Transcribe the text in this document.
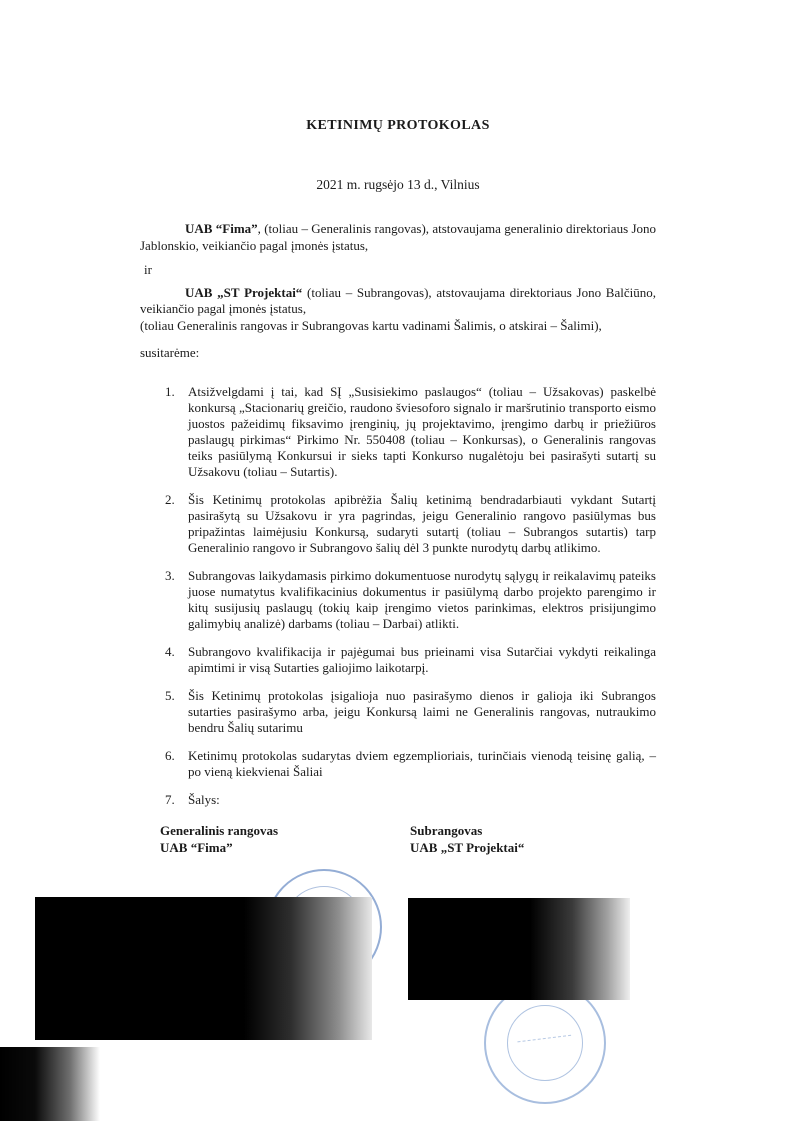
KETINIMŲ PROTOKOLAS

2021 m. rugsėjo 13 d., Vilnius

UAB “Fima”, (toliau – Generalinis rangovas), atstovaujama generalinio direktoriaus Jono Jablonskio, veikiančio pagal įmonės įstatus,

ir

UAB „ST Projektai“ (toliau – Subrangovas), atstovaujama direktoriaus Jono Balčiūno, veikiančio pagal įmonės įstatus,

(toliau Generalinis rangovas ir Subrangovas kartu vadinami Šalimis, o atskirai – Šalimi),

susitarėme:

1. Atsižvelgdami į tai, kad SĮ „Susisiekimo paslaugos“ (toliau – Užsakovas) paskelbė konkursą „Stacionarių greičio, raudono šviesoforo signalo ir maršrutinio transporto eismo juostos pažeidimų fiksavimo įrenginių, jų projektavimo, įrengimo darbų ir priežiūros paslaugų pirkimas“ Pirkimo Nr. 550408 (toliau – Konkursas), o Generalinis rangovas teiks pasiūlymą Konkursui ir sieks tapti Konkurso nugalėtoju bei pasirašyti sutartį su Užsakovu (toliau – Sutartis).
2. Šis Ketinimų protokolas apibrėžia Šalių ketinimą bendradarbiauti vykdant Sutartį pasirašytą su Užsakovu ir yra pagrindas, jeigu Generalinio rangovo pasiūlymas bus pripažintas laimėjusiu Konkursą, sudaryti sutartį (toliau – Subrangos sutartis) tarp Generalinio rangovo ir Subrangovo šalių dėl 3 punkte nurodytų darbų atlikimo.
3. Subrangovas laikydamasis pirkimo dokumentuose nurodytų sąlygų ir reikalavimų pateiks juose numatytus kvalifikacinius dokumentus ir pasiūlymą darbo projekto parengimo ir kitų susijusių paslaugų (tokių kaip įrengimo vietos parinkimas, elektros prisijungimo galimybių analizė) darbams (toliau – Darbai) atlikti.
4. Subrangovo kvalifikacija ir pajėgumai bus prieinami visa Sutarčiai vykdyti reikalinga apimtimi ir visą Sutarties galiojimo laikotarpį.
5. Šis Ketinimų protokolas įsigalioja nuo pasirašymo dienos ir galioja iki Subrangos sutarties pasirašymo arba, jeigu Konkursą laimi ne Generalinis rangovas, nutraukimo bendru Šalių sutarimu
6. Ketinimų protokolas sudarytas dviem egzemplioriais, turinčiais vienodą teisinę galią, – po vieną kiekvienai Šaliai
7. Šalys:
Generalinis rangovas
UAB “Fima”
Subrangovas
UAB „ST Projektai“
